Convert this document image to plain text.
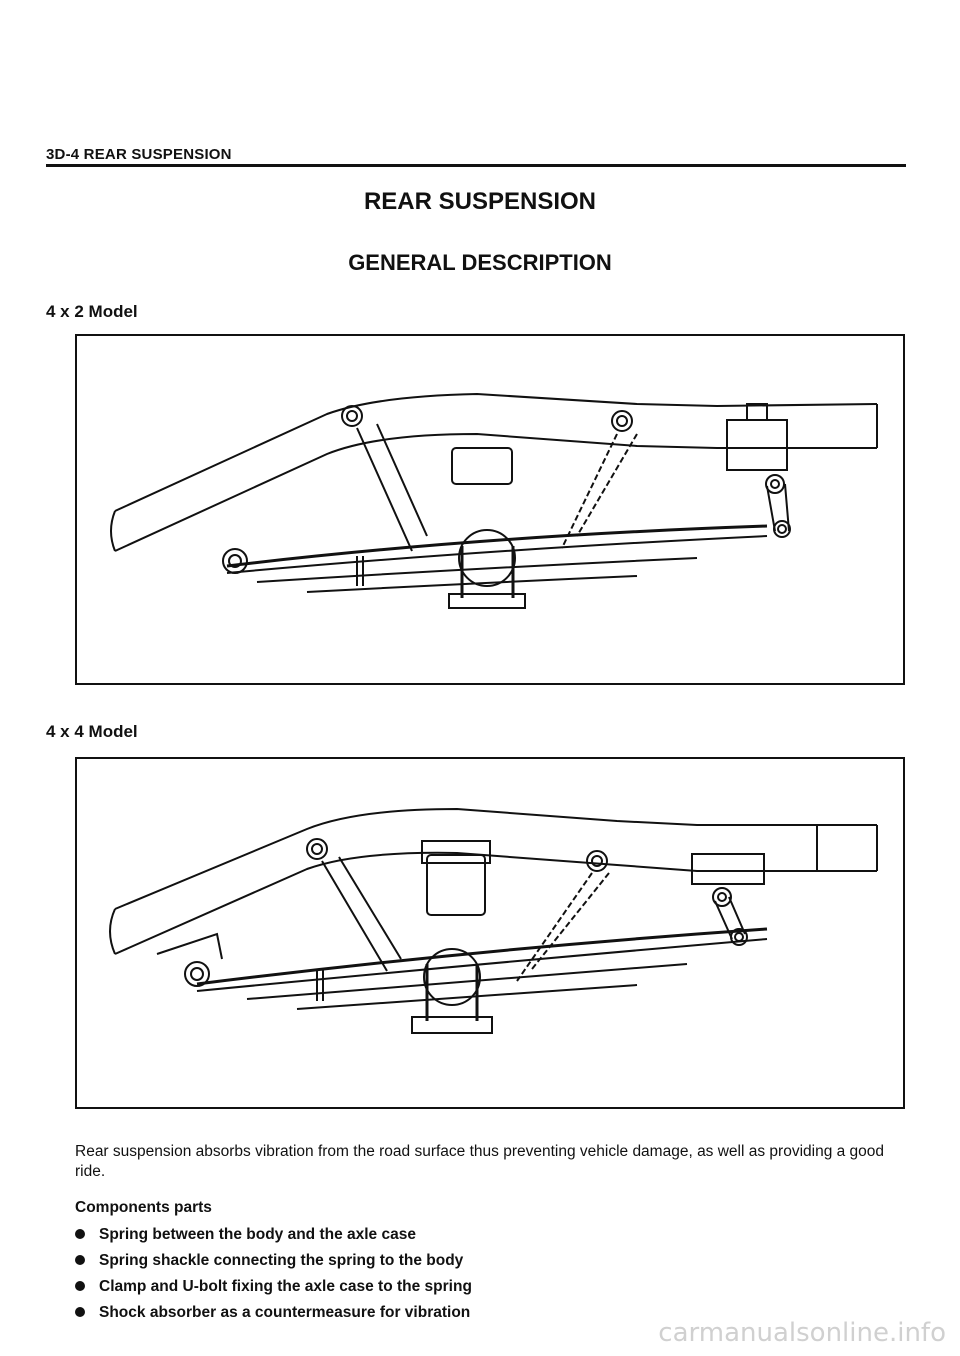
3D-4 REAR SUSPENSION
REAR SUSPENSION
GENERAL DESCRIPTION
4 x 2 Model
4 x 4 Model
Rear suspension absorbs vibration from the road surface thus preventing vehicle damage, as well as providing a good ride.
Components parts
Spring between the body and the axle case
Spring shackle connecting the spring to the body
Clamp and U-bolt fixing the axle case to the spring
Shock absorber as a countermeasure for vibration
carmanualsonline.info
